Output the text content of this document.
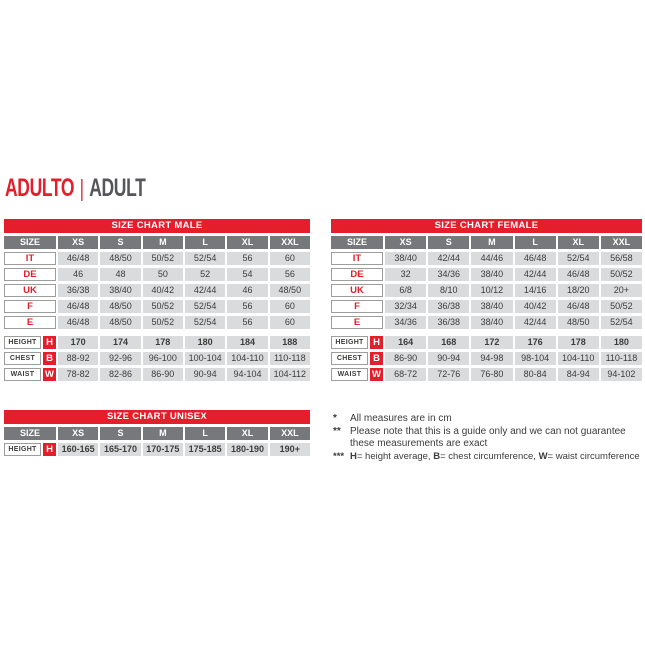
ADULTO | ADULT
SIZE CHART MALE
SIZE	XS	S	M	L	XL	XXL
IT	46/48	48/50	50/52	52/54	56	60
DE	46	48	50	52	54	56
UK	36/38	38/40	40/42	42/44	46	48/50
F	46/48	48/50	50/52	52/54	56	60
E	46/48	48/50	50/52	52/54	56	60
HEIGHT H	170	174	178	180	184	188
CHEST	B	88-92	92-96	96-100	100-104	104-110	110-118
WAIST	W	78-82	82-86	86-90	90-94	94-104	104-112
SIZE CHART FEMALE
SIZE	XS	S	M	L	XL	XXL
IT	38/40	42/44	44/46	46/48	52/54	56/58
DE	32	34/36	38/40	42/44	46/48	50/52
UK	6/8	8/10	10/12	14/16	18/20	20+
F	32/34	36/38	38/40	40/42	46/48	50/52
E	34/36	36/38	38/40	42/44	48/50	52/54
HEIGHT H	164	168	172	176	178	180
CHEST	B	86-90	90-94	94-98	98-104	104-110	110-118
WAIST	W	68-72	72-76	76-80	80-84	84-94	94-102
SIZE CHART UNISEX
SIZE	XS	S	M	L	XL	XXL
HEIGHT H 160-165	165-170	170-175	175-185	180-190	190+
*	All measures are in cm
** Please note that this is a guide only and we can not guarantee these measurements are exact
*** H= height average, B= chest circumference, W= waist circumference
